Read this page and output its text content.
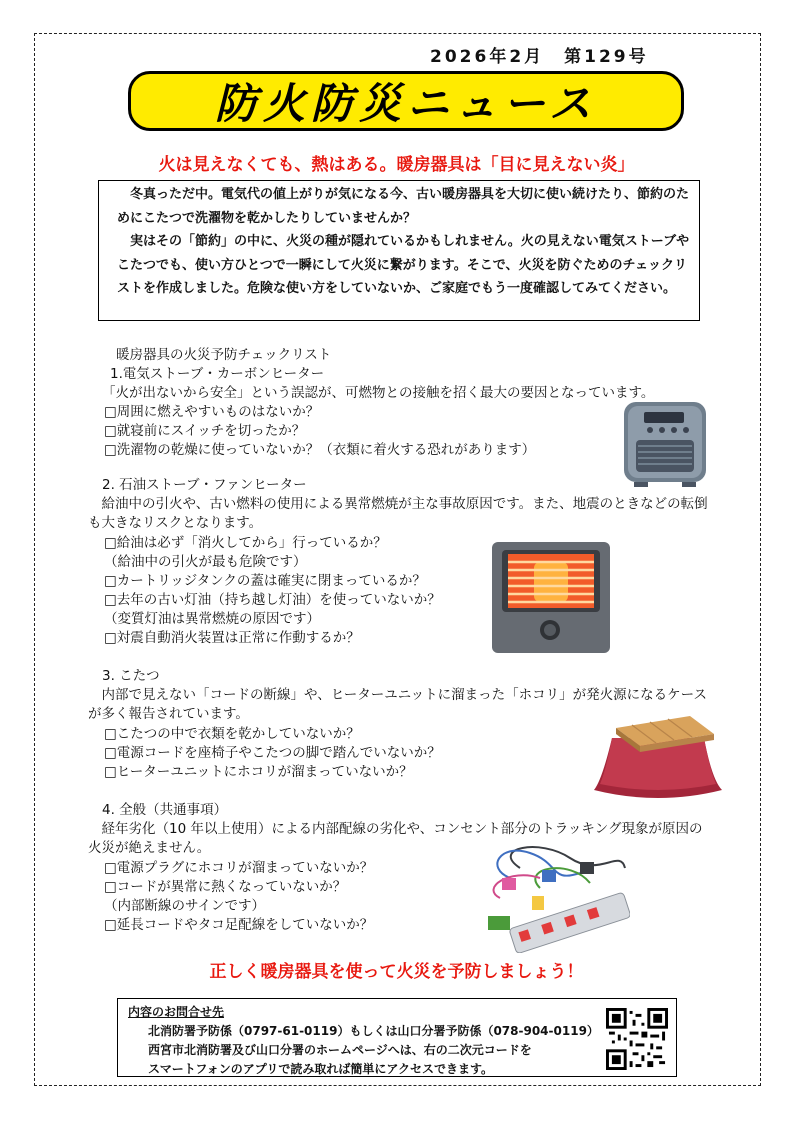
2026年2月　第129号
防火防災ニュース
火は見えなくても、熱はある。暖房器具は「目に見えない炎」

冬真っただ中。電気代の値上がりが気になる今、古い暖房器具を大切に使い続けたり、節約のためにこたつで洗濯物を乾かしたりしていませんか？

実はその「節約」の中に、火災の種が隠れているかもしれません。火の見えない電気ストーブやこたつでも、使い方ひとつで一瞬にして火災に繋がります。そこで、火災を防ぐためのチェックリストを作成しました。危険な使い方をしていないか、ご家庭でもう一度確認してみてください。

暖房器具の火災予防チェックリスト
1.電気ストーブ・カーボンヒーター
「火が出ないから安全」という誤認が、可燃物との接触を招く最大の要因となっています。
□周囲に燃えやすいものはないか？
□就寝前にスイッチを切ったか？
□洗濯物の乾燥に使っていないか？（衣類に着火する恐れがあります）
2. 石油ストーブ・ファンヒーター
給油中の引火や、古い燃料の使用による異常燃焼が主な事故原因です。また、地震のときなどの転倒も大きなリスクとなります。
□給油は必ず「消火してから」行っているか？
（給油中の引火が最も危険です）
□カートリッジタンクの蓋は確実に閉まっているか？
□去年の古い灯油（持ち越し灯油）を使っていないか？
（変質灯油は異常燃焼の原因です）
□対震自動消火装置は正常に作動するか？
3. こたつ
内部で見えない「コードの断線」や、ヒーターユニットに溜まった「ホコリ」が発火源になるケースが多く報告されています。
□こたつの中で衣類を乾かしていないか？
□電源コードを座椅子やこたつの脚で踏んでいないか？
□ヒーターユニットにホコリが溜まっていないか？
4. 全般（共通事項）
経年劣化（10 年以上使用）による内部配線の劣化や、コンセント部分のトラッキング現象が原因の火災が絶えません。
□電源プラグにホコリが溜まっていないか？
□コードが異常に熱くなっていないか？
（内部断線のサインです）
□延長コードやタコ足配線をしていないか？
正しく暖房器具を使って火災を予防しましょう！
内容のお問合せ先
北消防署予防係（0797-61-0119）もしくは山口分署予防係（078-904-0119）
西宮市北消防署及び山口分署のホームページへは、右の二次元コードを
スマートフォンのアプリで読み取れば簡単にアクセスできます。
